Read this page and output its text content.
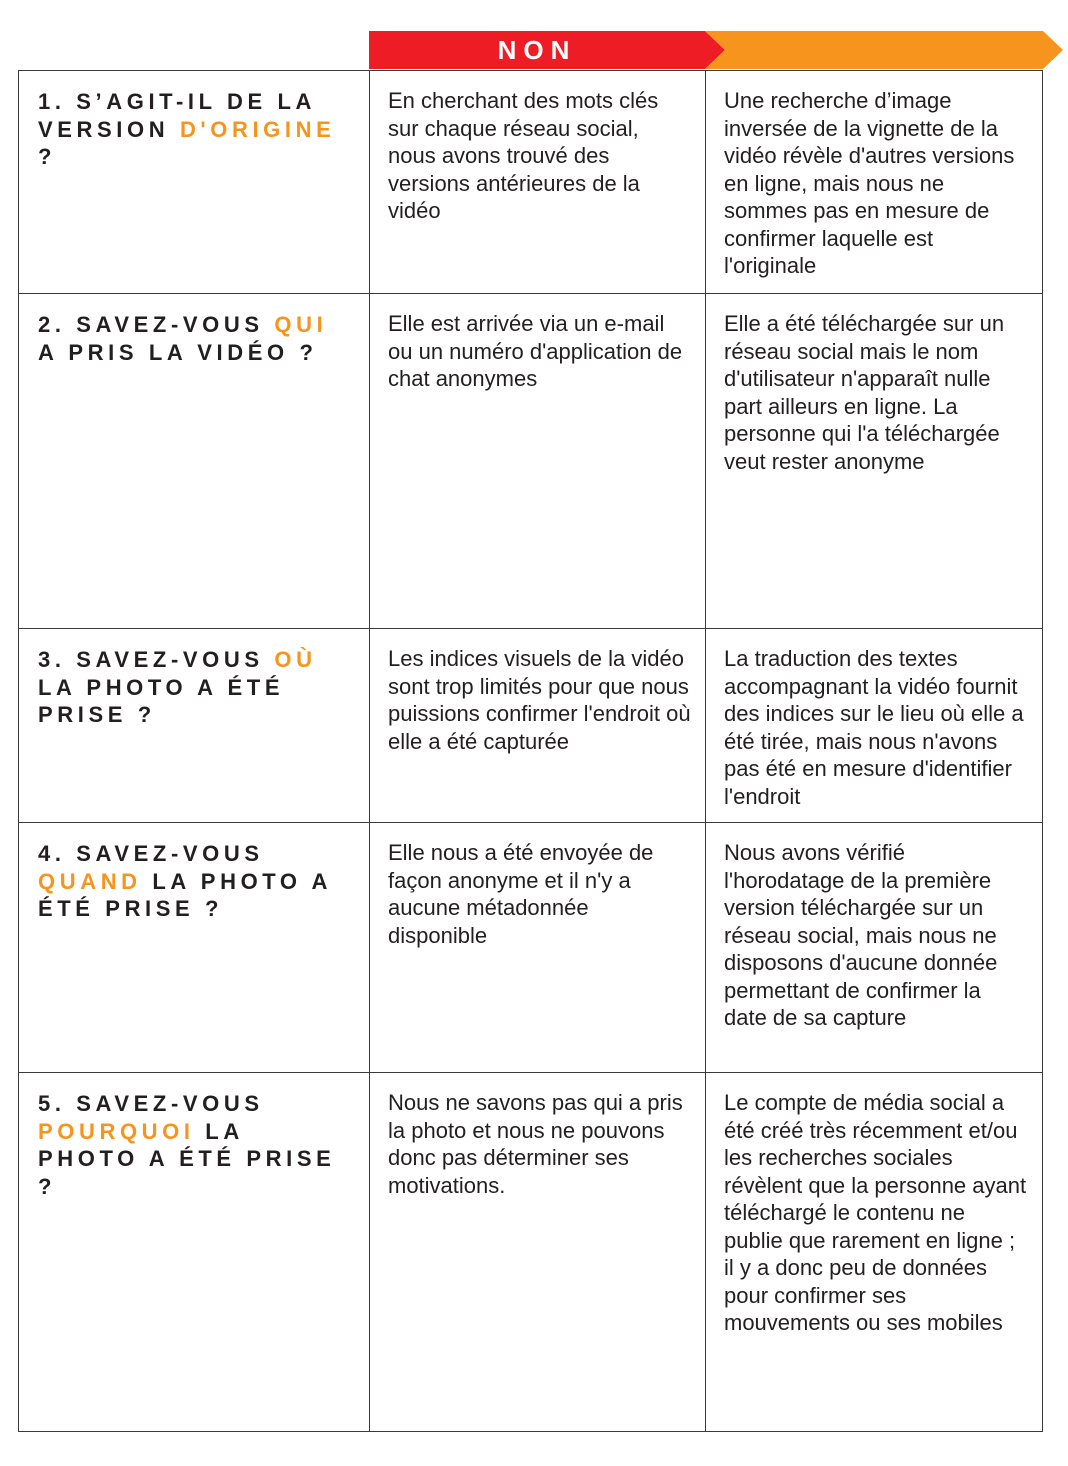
NON
1. S’AGIT-IL DE LA VERSION D'ORIGINE ?	En cherchant des mots clés sur chaque réseau social, nous avons trouvé des versions antérieures de la vidéo	Une recherche d’image inversée de la vignette de la vidéo révèle d'autres versions en ligne, mais nous ne sommes pas en mesure de confirmer laquelle est l'originale

2. SAVEZ-VOUS QUI A PRIS LA VIDÉO ?	Elle est arrivée via un e-mail ou un numéro d'application de chat anonymes	Elle a été téléchargée sur un réseau social mais le nom d'utilisateur n'apparaît nulle part ailleurs en ligne. La personne qui l'a téléchargée veut rester anonyme

3. SAVEZ-VOUS OÙ LA PHOTO A ÉTÉ PRISE ?	Les indices visuels de la vidéo sont trop limités pour que nous puissions confirmer l'endroit où elle a été capturée	La traduction des textes accompagnant la vidéo fournit des indices sur le lieu où elle a été tirée, mais nous n'avons pas été en mesure d'identifier l'endroit

4. SAVEZ-VOUS QUAND LA PHOTO A ÉTÉ PRISE ?	Elle nous a été envoyée de façon anonyme et il n'y a aucune métadonnée disponible	Nous avons vérifié l'horodatage de la première version téléchargée sur un réseau social, mais nous ne disposons d'aucune donnée permettant de confirmer la date de sa capture

5. SAVEZ-VOUS POURQUOI LA PHOTO A ÉTÉ PRISE ?	Nous ne savons pas qui a pris la photo et nous ne pouvons donc pas déterminer ses motivations.	Le compte de média social a été créé très récemment et/ou les recherches sociales révèlent que la personne ayant téléchargé le contenu ne publie que rarement en ligne ; il y a donc peu de données pour confirmer ses mouvements ou ses mobiles
